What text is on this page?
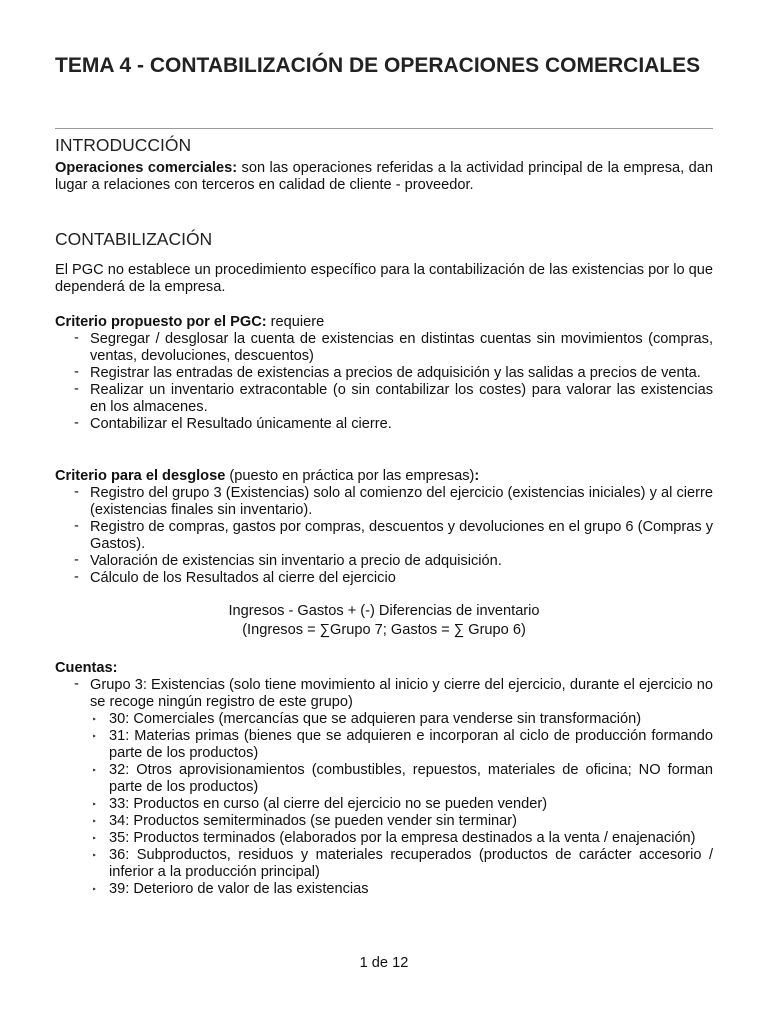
TEMA 4 - CONTABILIZACIÓN DE OPERACIONES COMERCIALES
INTRODUCCIÓN

Operaciones comerciales: son las operaciones referidas a la actividad principal de la empresa, dan lugar a relaciones con terceros en calidad de cliente - proveedor.

CONTABILIZACIÓN

El PGC no establece un procedimiento específico para la contabilización de las existencias por lo que dependerá de la empresa.

Criterio propuesto por el PGC: requiere

- Segregar / desglosar la cuenta de existencias en distintas cuentas sin movimientos (compras, ventas, devoluciones, descuentos)
- Registrar las entradas de existencias a precios de adquisición y las salidas a precios de venta.
- Realizar un inventario extracontable (o sin contabilizar los costes) para valorar las existencias en los almacenes.
- Contabilizar el Resultado únicamente al cierre.

Criterio para el desglose (puesto en práctica por las empresas):

- Registro del grupo 3 (Existencias) solo al comienzo del ejercicio (existencias iniciales) y al cierre (existencias finales sin inventario).
- Registro de compras, gastos por compras, descuentos y devoluciones en el grupo 6 (Compras y Gastos).
- Valoración de existencias sin inventario a precio de adquisición.
- Cálculo de los Resultados al cierre del ejercicio

Ingresos - Gastos + (-) Diferencias de inventario

(Ingresos = ∑Grupo 7; Gastos = ∑ Grupo 6)

Cuentas:

- Grupo 3: Existencias (solo tiene movimiento al inicio y cierre del ejercicio, durante el ejercicio no se recoge ningún registro de este grupo)
‣ 30: Comerciales (mercancías que se adquieren para venderse sin transformación)
‣ 31: Materias primas (bienes que se adquieren e incorporan al ciclo de producción formando parte de los productos)
‣ 32: Otros aprovisionamientos (combustibles, repuestos, materiales de oficina; NO forman parte de los productos)
‣ 33: Productos en curso (al cierre del ejercicio no se pueden vender)
‣ 34: Productos semiterminados (se pueden vender sin terminar)
‣ 35: Productos terminados (elaborados por la empresa destinados a la venta / enajenación)
‣ 36: Subproductos, residuos y materiales recuperados (productos de carácter accesorio / inferior a la producción principal)
‣ 39: Deterioro de valor de las existencias

1 de 12
